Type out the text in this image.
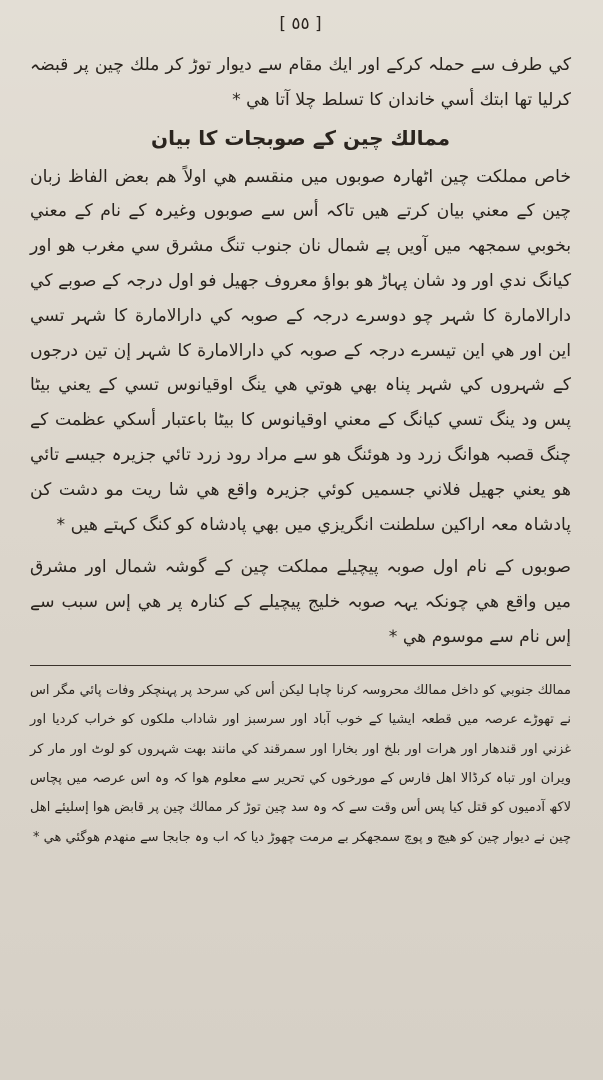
[ ٥٥ ]

كي طرف سے حملہ كركے اور ايك مقام سے ديوار توڑ كر ملك چين پر قبضہ كرليا تھا ابتك أسي خاندان كا تسلط چلا آتا هي *

ممالك چين كے صوبجات كا بيان

خاص مملكت چين اٹھارہ صوبوں ميں منقسم هي اولاً هم بعض الفاظ زبان چين كے معني بيان كرتے هيں تاكہ أس سے صوبوں وغيرہ كے نام كے معني بخوبي سمجھہ ميں آويں پے شمال نان جنوب تنگ مشرق سي مغرب هو اور كيانگ ندي اور ود شان پہاڑ هو بواؤ معروف جھيل فو اول درجہ كے صوبے كي دارالامارة كا شہر چو دوسرے درجہ كے صوبہ كي دارالامارة كا شہر تسي اين اور هي اين تيسرے درجہ كے صوبہ كي دارالامارة كا شہر إن تين درجوں كے شہروں كي شہر پناہ بھي هوتي هي ينگ اوقيانوس تسي كے يعني بيٹا پس ود ينگ تسي كيانگ كے معني اوقيانوس كا بيٹا باعتبار أسكي عظمت كے چنگ قصبہ هوانگ زرد ود هوئنگ هو سے مراد رود زرد تائي جزيرہ جيسے تائي هو يعني جھيل فلاني جسميں كوئي جزيرہ واقع هي شا ريت مو دشت كن پادشاہ معہ اراكين سلطنت انگريزي ميں بھي پادشاہ كو كنگ كہتے هيں *

صوبوں كے نام اول صوبہ پيچيلے مملكت چين كے گوشہ شمال اور مشرق ميں واقع هي چونكہ يہہ صوبہ خليج پيچيلے كے كنارہ پر هي إس سبب سے إس نام سے موسوم هي *

ممالك جنوبي كو داخل ممالك محروسہ كرنا چاہا ليكن أس كي سرحد پر پہنچكر وفات پائي مگر اس نے تھوڑے عرصہ ميں قطعہ ايشيا كے خوب آباد اور سرسبز اور شاداب ملكوں كو خراب كرديا اور غزني اور قندھار اور هرات اور بلخ اور بخارا اور سمرقند كي مانند بھت شہروں كو لوٹ اور مار كر ويران اور تباہ كرڈالا اهل فارس كے مورخوں كي تحرير سے معلوم هوا كہ وہ اس عرصہ ميں پچاس لاكھ آدميوں كو قتل كيا پس أس وقت سے كہ وہ سد چين توڑ كر ممالك چين پر قابض هوا إسليئے اهل چين نے ديوار چين كو هيچ و پوچ سمجھكر بے مرمت چھوڑ ديا كہ اب وہ جابجا سے منهدم هوگئي هي *
